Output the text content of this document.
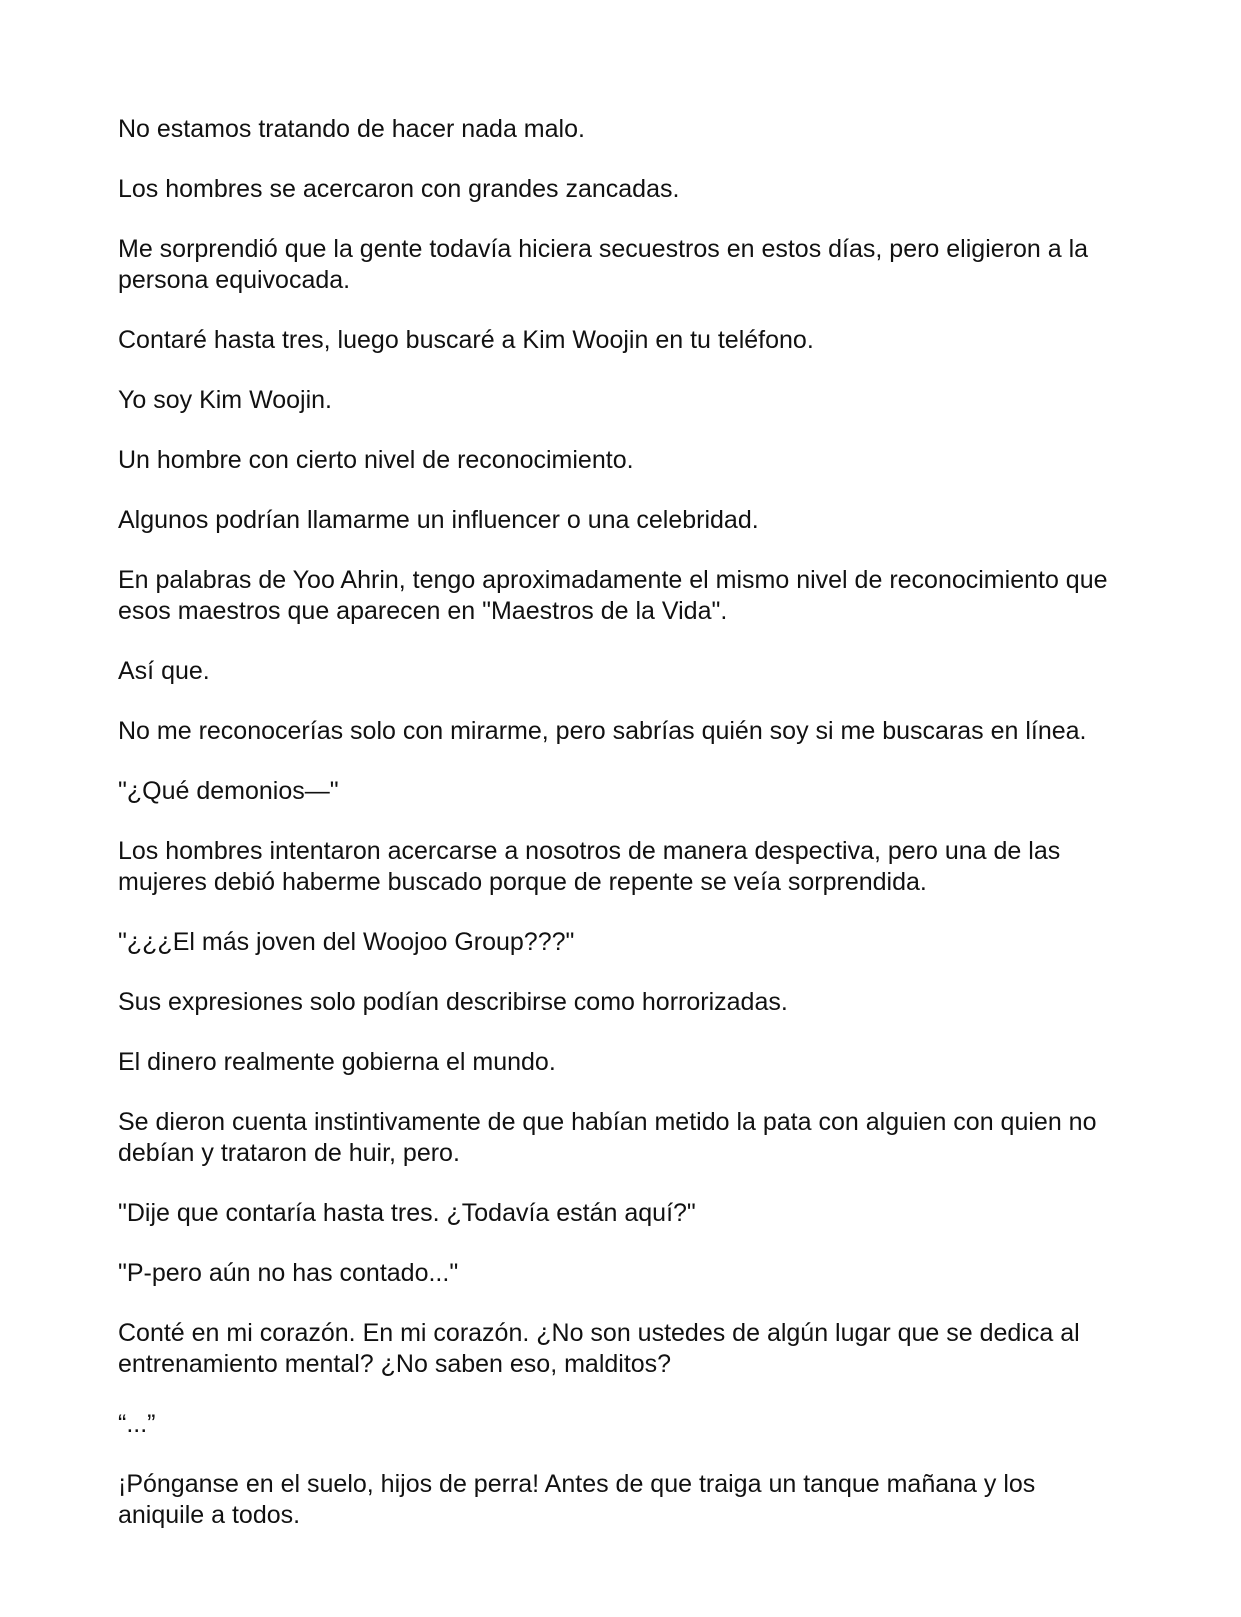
No estamos tratando de hacer nada malo.

Los hombres se acercaron con grandes zancadas.

Me sorprendió que la gente todavía hiciera secuestros en estos días, pero eligieron a la persona equivocada.

Contaré hasta tres, luego buscaré a Kim Woojin en tu teléfono.

Yo soy Kim Woojin.

Un hombre con cierto nivel de reconocimiento.

Algunos podrían llamarme un influencer o una celebridad.

En palabras de Yoo Ahrin, tengo aproximadamente el mismo nivel de reconocimiento que esos maestros que aparecen en "Maestros de la Vida".

Así que.

No me reconocerías solo con mirarme, pero sabrías quién soy si me buscaras en línea.

"¿Qué demonios—"

Los hombres intentaron acercarse a nosotros de manera despectiva, pero una de las mujeres debió haberme buscado porque de repente se veía sorprendida.

"¿¿¿El más joven del Woojoo Group???"

Sus expresiones solo podían describirse como horrorizadas.

El dinero realmente gobierna el mundo.

Se dieron cuenta instintivamente de que habían metido la pata con alguien con quien no debían y trataron de huir, pero.

"Dije que contaría hasta tres. ¿Todavía están aquí?"

"P-pero aún no has contado..."

Conté en mi corazón. En mi corazón. ¿No son ustedes de algún lugar que se dedica al entrenamiento mental? ¿No saben eso, malditos?

“...”

¡Pónganse en el suelo, hijos de perra! Antes de que traiga un tanque mañana y los aniquile a todos.
